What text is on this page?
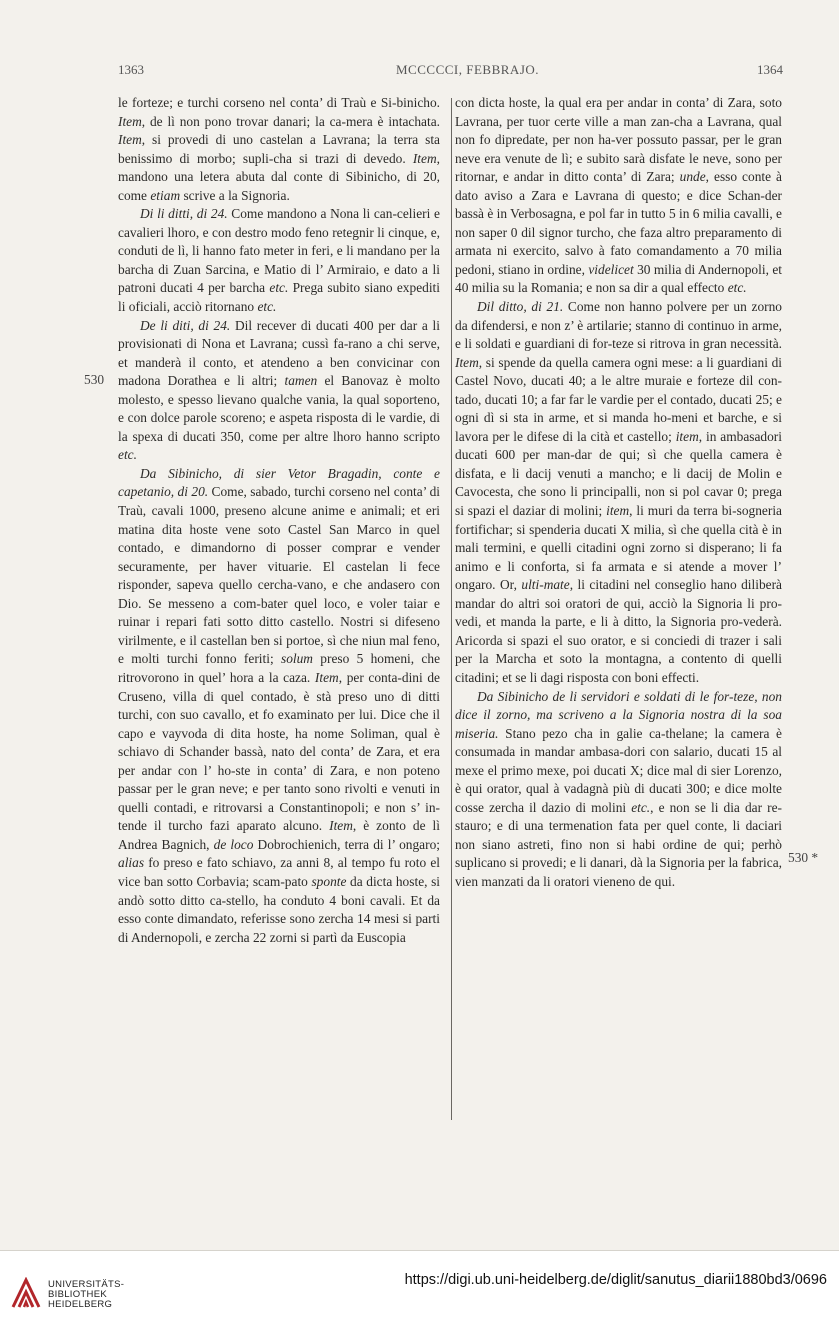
1363	MCCCCCI, FEBBRAJO.	1364

le forteze; e turchi corseno nel conta’ di Traù e Si-binicho. Item, de lì non pono trovar danari; la ca-mera è intachata. Item, si provedi di uno castelan a Lavrana; la terra sta benissimo di morbo; supli-cha si trazi di devedo. Item, mandono una letera abuta dal conte di Sibinicho, di 20, come etiam scrive a la Signoria.

Di li ditti, di 24. Come mandono a Nona li can-celieri e cavalieri lhoro, e con destro modo feno retegnir li cinque, e, conduti de lì, li hanno fato meter in feri, e li mandano per la barcha di Zuan Sarcina, e Matio di l’ Armiraio, e dato a li patroni ducati 4 per barcha etc. Prega subito siano expediti li oficiali, acciò ritornano etc.

De li diti, di 24. Dil recever di ducati 400 per dar a li provisionati di Nona et Lavrana; cussì fa-rano a chi serve, et manderà il conto, et atendeno a ben convicinar con madona Dorathea e li altri; tamen el Banovaz è molto molesto, e spesso lievano qualche vania, la qual soporteno, e con dolce parole scoreno; e aspeta risposta di le vardie, di la spexa di ducati 350, come per altre lhoro hanno scripto etc.

Da Sibinicho, di sier Vetor Bragadin, conte e capetanio, di 20. Come, sabado, turchi corseno nel conta’ di Traù, cavali 1000, preseno alcune anime e animali; et eri matina dita hoste vene soto Castel San Marco in quel contado, e dimandorno di posser comprar e vender securamente, per haver vituarie. El castelan li fece risponder, sapeva quello cercha-vano, e che andasero con Dio. Se messeno a com-bater quel loco, e voler taiar e ruinar i repari fati sotto ditto castello. Nostri si difeseno virilmente, e il castellan ben si portoe, sì che niun mal feno, e molti turchi fonno feriti; solum preso 5 homeni, che ritrovorono in quel’ hora a la caza. Item, per conta-dini de Cruseno, villa di quel contado, è stà preso uno di ditti turchi, con suo cavallo, et fo examinato per lui. Dice che il capo e vayvoda di dita hoste, ha nome Soliman, qual è schiavo di Schander bassà, nato del conta’ de Zara, et era per andar con l’ ho-ste in conta’ di Zara, e non poteno passar per le gran neve; e per tanto sono rivolti e venuti in quelli contadi, e ritrovarsi a Constantinopoli; e non s’ in-tende il turcho fazi aparato alcuno. Item, è zonto de lì Andrea Bagnich, de loco Dobrochienich, terra di l’ ongaro; alias fo preso e fato schiavo, za anni 8, al tempo fu roto el vice ban sotto Corbavia; scam-pato sponte da dicta hoste, si andò sotto ditto ca-stello, ha conduto 4 boni cavali. Et da esso conte dimandato, referisse sono zercha 14 mesi si parti di Andernopoli, e zercha 22 zorni si partì da Euscopia

con dicta hoste, la qual era per andar in conta’ di Zara, soto Lavrana, per tuor certe ville a man zan-cha a Lavrana, qual non fo dipredate, per non ha-ver possuto passar, per le gran neve era venute de lì; e subito sarà disfate le neve, sono per ritornar, e andar in ditto conta’ di Zara; unde, esso conte à dato aviso a Zara e Lavrana di questo; e dice Schan-der bassà è in Verbosagna, e pol far in tutto 5 in 6 milia cavalli, e non saper 0 dil signor turcho, che faza altro preparamento di armata ni exercito, salvo à fato comandamento a 70 milia pedoni, stiano in ordine, videlicet 30 milia di Andernopoli, et 40 milia su la Romania; e non sa dir a qual effecto etc.

Dil ditto, di 21. Come non hanno polvere per un zorno da difendersi, e non z’ è artilarie; stanno di continuo in arme, e li soldati e guardiani di for-teze si ritrova in gran necessità. Item, si spende da quella camera ogni mese: a li guardiani di Castel Novo, ducati 40; a le altre muraie e forteze dil con-tado, ducati 10; a far far le vardie per el contado, ducati 25; e ogni dì si sta in arme, et si manda ho-meni et barche, e si lavora per le difese di la cità et castello; item, in ambasadori ducati 600 per man-dar de qui; sì che quella camera è disfata, e li dacij venuti a mancho; e li dacij de Molin e Cavocesta, che sono li principalli, non si pol cavar 0; prega si spazi el daziar di molini; item, li muri da terra bi-sogneria fortifichar; si spenderia ducati X milia, sì che quella cità è in mali termini, e quelli citadini ogni zorno si disperano; li fa animo e li conforta, si fa armata e si atende a mover l’ ongaro. Or, ulti-mate, li citadini nel conseglio hano diliberà mandar do altri soi oratori de qui, acciò la Signoria li pro-vedi, et manda la parte, e li à ditto, la Signoria pro-vederà. Aricorda si spazi el suo orator, e si conciedi di trazer i sali per la Marcha et soto la montagna, a contento di quelli citadini; et se li dagi risposta con boni effecti.

Da Sibinicho de li servidori e soldati di le for-teze, non dice il zorno, ma scriveno a la Signoria nostra di la soa miseria. Stano pezo cha in galie ca-thelane; la camera è consumada in mandar ambasa-dori con salario, ducati 15 al mexe el primo mexe, poi ducati X; dice mal di sier Lorenzo, è qui orator, qual à vadagnà più di ducati 300; e dice molte cosse zercha il dazio di molini etc., e non se li dia dar re-stauro; e di una termenation fata per quel conte, li daciari non siano astreti, fino non si habi ordine de qui; perhò suplicano si provedi; e li danari, dà la Signoria per la fabrica, vien manzati da li oratori vieneno de qui.

530
530 *
UNIVERSITÄTS-
BIBLIOTHEK
HEIDELBERG
https://digi.ub.uni-heidelberg.de/diglit/sanutus_diarii1880bd3/0696
